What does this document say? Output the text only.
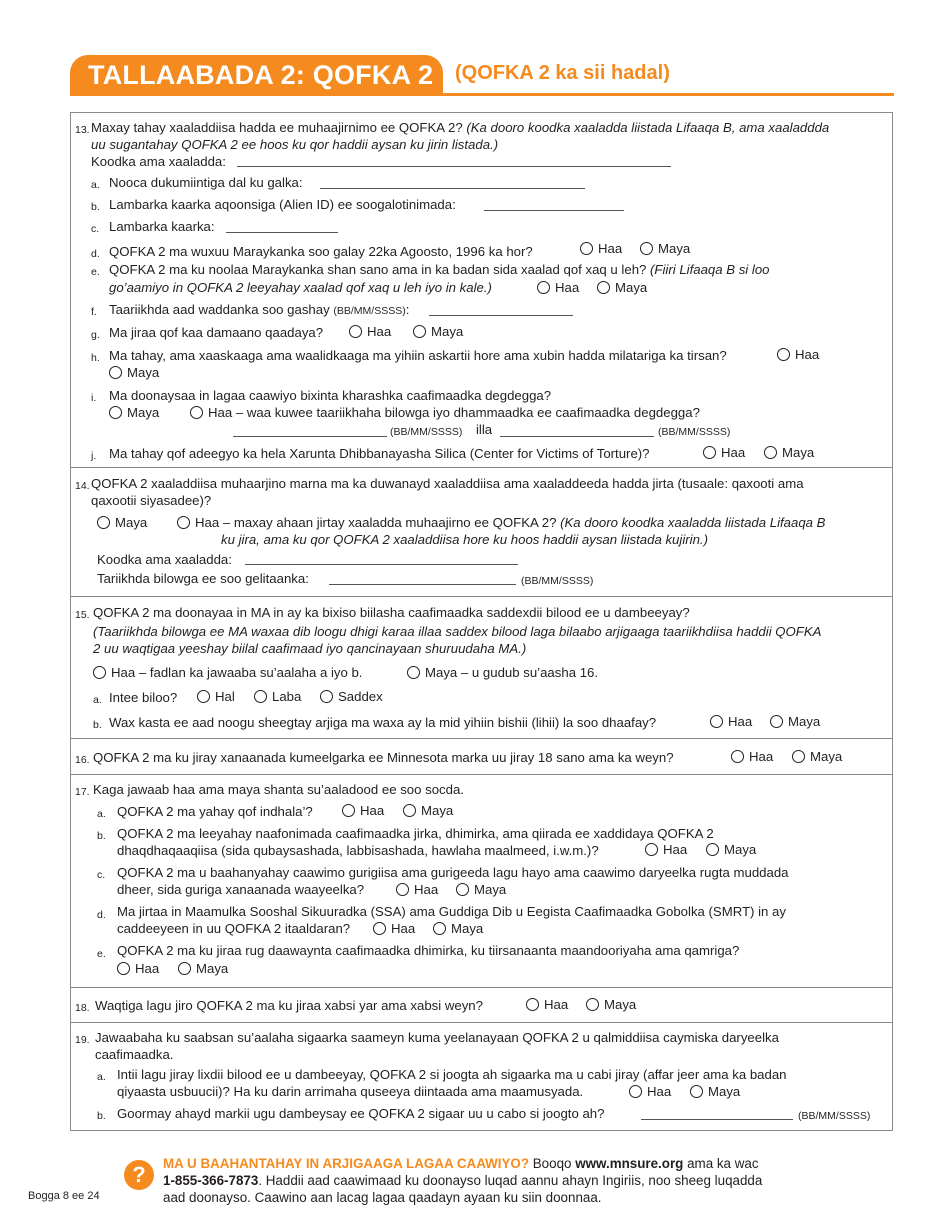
TALLAABADA 2: QOFKA 2 (QOFKA 2 ka sii hadal)
13. Maxay tahay xaaladdiisa hadda ee muhaajirnimo ee QOFKA 2? (Ka dooro koodka xaaladda liistada Lifaaqa B, ama xaaladdda
uu sugantahay QOFKA 2 ee hoos ku qor haddii aysan ku jirin listada.)
Koodka ama xaaladda:
a. Nooca dukumiintiga dal ku galka:
b. Lambarka kaarka aqoonsiga (Alien ID) ee soogalotinimada:
c. Lambarka kaarka:
d. QOFKA 2 ma wuxuu Maraykanka soo galay 22ka Agoosto, 1996 ka hor?	Haa	Maya
e. QOFKA 2 ma ku noolaa Maraykanka shan sano ama in ka badan sida xaalad qof xaq u leh? (Fiiri Lifaaqa B si loo
go’aamiyo in QOFKA 2 leeyahay xaalad qof xaq u leh iyo in kale.)	Haa	Maya
f. Taariikhda aad waddanka soo gashay (BB/MM/SSSS):
g. Ma jiraa qof kaa damaano qaadaya?	Haa	Maya
h. Ma tahay, ama xaaskaaga ama waalidkaaga ma yihiin askartii hore ama xubin hadda milatariga ka tirsan?	Haa
Maya
i. Ma doonaysaa in lagaa caawiyo bixinta kharashka caafimaadka degdegga?
Maya	Haa – waa kuwee taariikhaha bilowga iyo dhammaadka ee caafimaadka degdegga?
(BB/MM/SSSS) illa	(BB/MM/SSSS)
j. Ma tahay qof adeegyo ka hela Xarunta Dhibbanayasha Silica (Center for Victims of Torture)?	Haa	Maya
14. QOFKA 2 xaaladdiisa muhaarjino marna ma ka duwanayd xaaladdiisa ama xaaladdeeda hadda jirta (tusaale: qaxooti ama
qaxootii siyasadee)?
Maya	Haa – maxay ahaan jirtay xaaladda muhaajirno ee QOFKA 2? (Ka dooro koodka xaaladda liistada Lifaaqa B
ku jira, ama ku qor QOFKA 2 xaaladdiisa hore ku hoos haddii aysan liistada kujirin.)
Koodka ama xaaladda:
Tariikhda bilowga ee soo gelitaanka:	(BB/MM/SSSS)
15. QOFKA 2 ma doonayaa in MA in ay ka bixiso biilasha caafimaadka saddexdii bilood ee u dambeeyay?
(Taariikhda bilowga ee MA waxaa dib loogu dhigi karaa illaa saddex bilood laga bilaabo arjigaaga taariikhdiisa haddii QOFKA
2 uu waqtigaa yeeshay biilal caafimaad iyo qancinayaan shuruudaha MA.)
Haa – fadlan ka jawaaba su’aalaha a iyo b.	Maya – u gudub su’aasha 16.
a. Intee biloo?	Hal	Laba	Saddex
b. Wax kasta ee aad noogu sheegtay arjiga ma waxa ay la mid yihiin bishii (lihii) la soo dhaafay?	Haa	Maya
16. QOFKA 2 ma ku jiray xanaanada kumeelgarka ee Minnesota marka uu jiray 18 sano ama ka weyn?	Haa	Maya
17. Kaga jawaab haa ama maya shanta su’aaladood ee soo socda.
a. QOFKA 2 ma yahay qof indhala’?	Haa	Maya
b. QOFKA 2 ma leeyahay naafonimada caafimaadka jirka, dhimirka, ama qiirada ee xaddidaya QOFKA 2
dhaqdhaqaaqiisa (sida qubaysashada, labbisashada, hawlaha maalmeed, i.w.m.)?	Haa	Maya
c. QOFKA 2 ma u baahanyahay caawimo gurigiisa ama gurigeeda lagu hayo ama caawimo daryeelka rugta muddada
dheer, sida guriga xanaanada waayeelka?	Haa	Maya
d. Ma jirtaa in Maamulka Sooshal Sikuuradka (SSA) ama Guddiga Dib u Eegista Caafimaadka Gobolka (SMRT) in ay
caddeeyeen in uu QOFKA 2 itaaldaran?	Haa	Maya
e. QOFKA 2 ma ku jiraa rug daawaynta caafimaadka dhimirka, ku tiirsanaanta maandooriyaha ama qamriga?
Haa	Maya
18. Waqtiga lagu jiro QOFKA 2 ma ku jiraa xabsi yar ama xabsi weyn?	Haa	Maya
19. Jawaabaha ku saabsan su’aalaha sigaarka saameyn kuma yeelanayaan QOFKA 2 u qalmiddiisa caymiska daryeelka
caafimaadka.
a. Intii lagu jiray lixdii bilood ee u dambeeyay, QOFKA 2 si joogta ah sigaarka ma u cabi jiray (affar jeer ama ka badan
qiyaasta usbuucii)? Ha ku darin arrimaha quseeya diintaada ama maamusyada.	Haa	Maya
b. Goormay ahayd markii ugu dambeysay ee QOFKA 2 sigaar uu u cabo si joogto ah?	(BB/MM/SSSS)
?	MA U BAAHANTAHAY IN ARJIGAAGA LAGAA CAAWIYO? Booqo www.mnsure.org ama ka wac
1-855-366-7873. Haddii aad caawimaad ku doonayso luqad aannu ahayn Ingiriis, noo sheeg luqadda
aad doonayso. Caawino aan lacag lagaa qaadayn ayaan ku siin doonnaa.
Bogga 8 ee 24
